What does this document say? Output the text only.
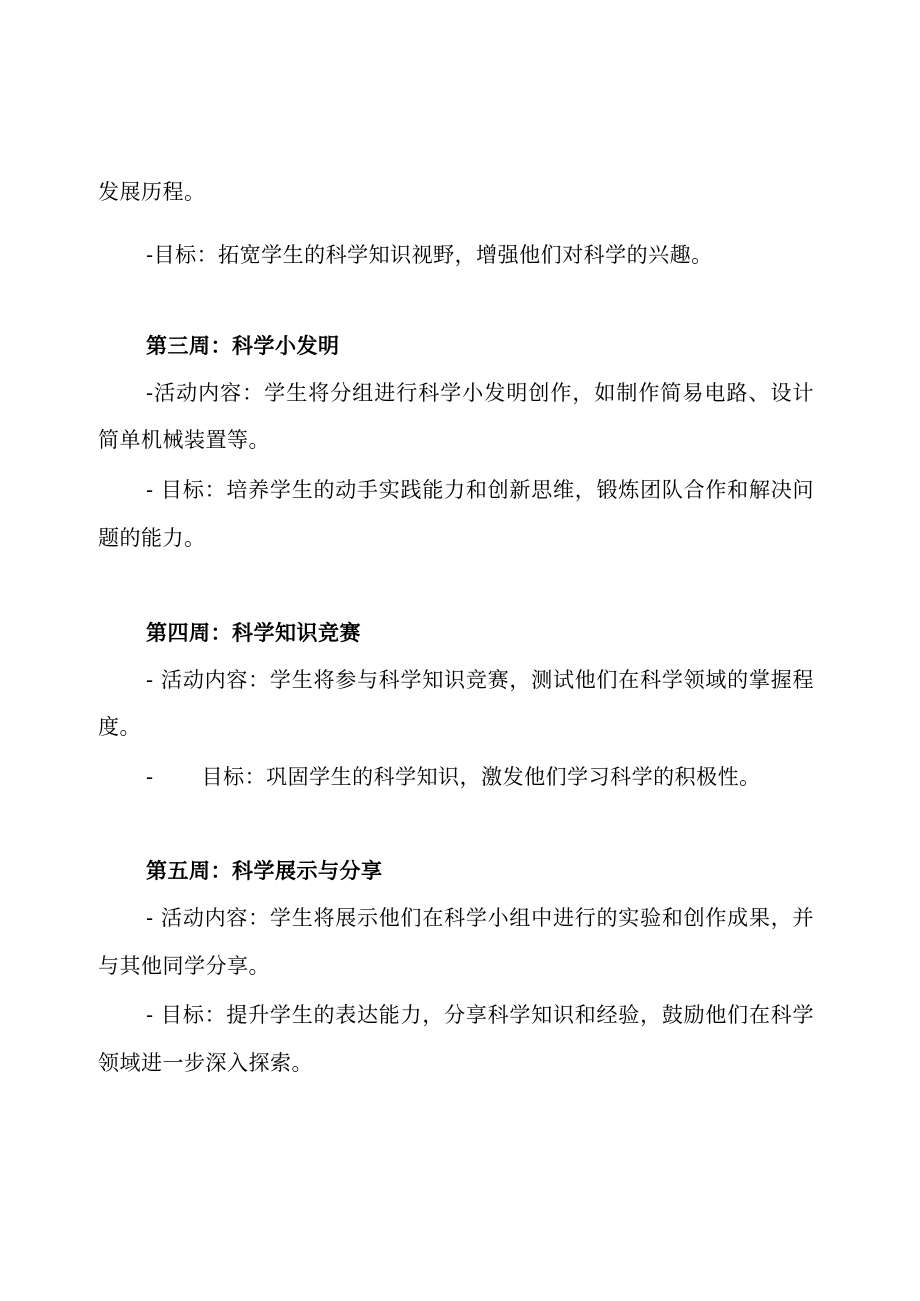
发展历程。
-目标：拓宽学生的科学知识视野，增强他们对科学的兴趣。
第三周：科学小发明
-活动内容：学生将分组进行科学小发明创作，如制作简易电路、设计
简单机械装置等。
- 目标：培养学生的动手实践能力和创新思维，锻炼团队合作和解决问
题的能力。
第四周：科学知识竞赛
- 活动内容：学生将参与科学知识竞赛，测试他们在科学领域的掌握程
度。
- 目标：巩固学生的科学知识，激发他们学习科学的积极性。
第五周：科学展示与分享
- 活动内容：学生将展示他们在科学小组中进行的实验和创作成果，并
与其他同学分享。
- 目标：提升学生的表达能力，分享科学知识和经验，鼓励他们在科学
领域进一步深入探索。
